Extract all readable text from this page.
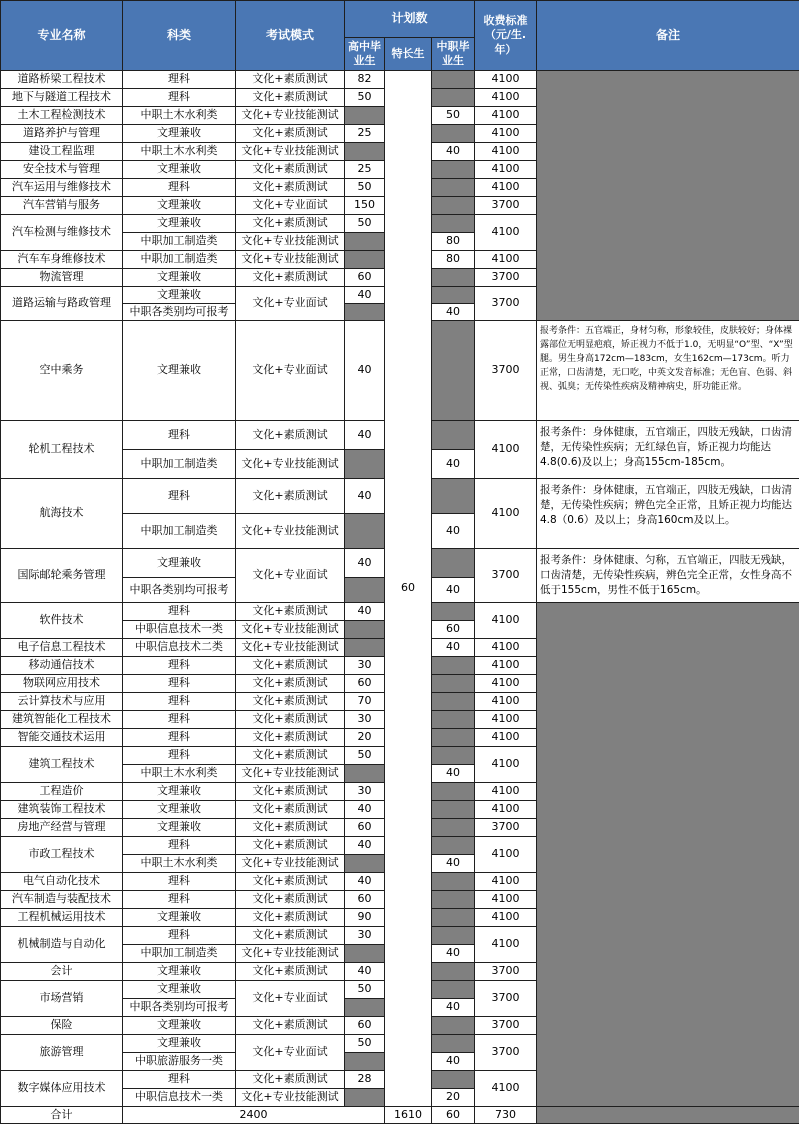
专业名称	科类	考试模式	计划数			收费标准（元/生.年）	备注
			高中毕业生	特长生	中职毕业生		
道路桥梁工程技术	理科	文化+素质测试	82	60		4100	
地下与隧道工程技术	理科	文化+素质测试	50			4100	
土木工程检测技术	中职土木水利类	文化+专业技能测试			50	4100	
道路养护与管理	文理兼收	文化+素质测试	25			4100	
建设工程监理	中职土木水利类	文化+专业技能测试			40	4100	
安全技术与管理	文理兼收	文化+素质测试	25			4100	
汽车运用与维修技术	理科	文化+素质测试	50			4100	
汽车营销与服务	文理兼收	文化+专业面试	150			3700	
汽车检测与维修技术	文理兼收	文化+素质测试	50			4100	
	中职加工制造类	文化+专业技能测试			80		
汽车车身维修技术	中职加工制造类	文化+专业技能测试			80	4100	
物流管理	文理兼收	文化+素质测试	60			3700	
道路运输与路政管理	文理兼收	文化+专业面试	40			3700	
	中职各类别均可报考				40		
空中乘务	文理兼收	文化+专业面试	40			3700	报考条件：五官端正，身材匀称，形象较佳，皮肤较好；身体裸露部位无明显疤痕，矫正视力不低于1.0，无明显“O”型、“X”型腿。男生身高172cm—183cm，女生162cm—173cm。听力正常，口齿清楚，无口吃，中英文发音标准；无色盲、色弱、斜视、弧臭；无传染性疾病及精神病史，肝功能正常。
轮机工程技术	理科	文化+素质测试	40			4100	报考条件：身体健康，五官端正，四肢无残缺，口齿清楚，无传染性疾病；无红绿色盲，矫正视力均能达4.8(0.6)及以上；身高155cm-185cm。
	中职加工制造类	文化+专业技能测试			40		
航海技术	理科	文化+素质测试	40			4100	报考条件：身体健康，五官端正，四肢无残缺，口齿清楚，无传染性疾病；辨色完全正常，且矫正视力均能达4.8（0.6）及以上；身高160cm及以上。
	中职加工制造类	文化+专业技能测试			40		
国际邮轮乘务管理	文理兼收	文化+专业面试	40			3700	报考条件：身体健康、匀称，五官端正，四肢无残缺，口齿清楚，无传染性疾病，辨色完全正常，女性身高不低于155cm，男性不低于165cm。
	中职各类别均可报考				40		
软件技术	理科	文化+素质测试	40			4100	
	中职信息技术一类	文化+专业技能测试			60		
电子信息工程技术	中职信息技术二类	文化+专业技能测试			40	4100	
移动通信技术	理科	文化+素质测试	30			4100	
物联网应用技术	理科	文化+素质测试	60			4100	
云计算技术与应用	理科	文化+素质测试	70			4100	
建筑智能化工程技术	理科	文化+素质测试	30			4100	
智能交通技术运用	理科	文化+素质测试	20			4100	
建筑工程技术	理科	文化+素质测试	50			4100	
	中职土木水利类	文化+专业技能测试			40		
工程造价	文理兼收	文化+素质测试	30			4100	
建筑装饰工程技术	文理兼收	文化+素质测试	40			4100	
房地产经营与管理	文理兼收	文化+素质测试	60			3700	
市政工程技术	理科	文化+素质测试	40			4100	
	中职土木水利类	文化+专业技能测试			40		
电气自动化技术	理科	文化+素质测试	40			4100	
汽车制造与装配技术	理科	文化+素质测试	60			4100	
工程机械运用技术	文理兼收	文化+素质测试	90			4100	
机械制造与自动化	理科	文化+素质测试	30			4100	
	中职加工制造类	文化+专业技能测试			40		
会计	文理兼收	文化+素质测试	40			3700	
市场营销	文理兼收	文化+专业面试	50			3700	
	中职各类别均可报考				40		
保险	文理兼收	文化+素质测试	60			3700	
旅游管理	文理兼收	文化+专业面试	50			3700	
	中职旅游服务一类				40		
数字媒体应用技术	理科	文化+素质测试	28			4100	
	中职信息技术一类	文化+专业技能测试			20		
合计	2400			1610	60	730	
